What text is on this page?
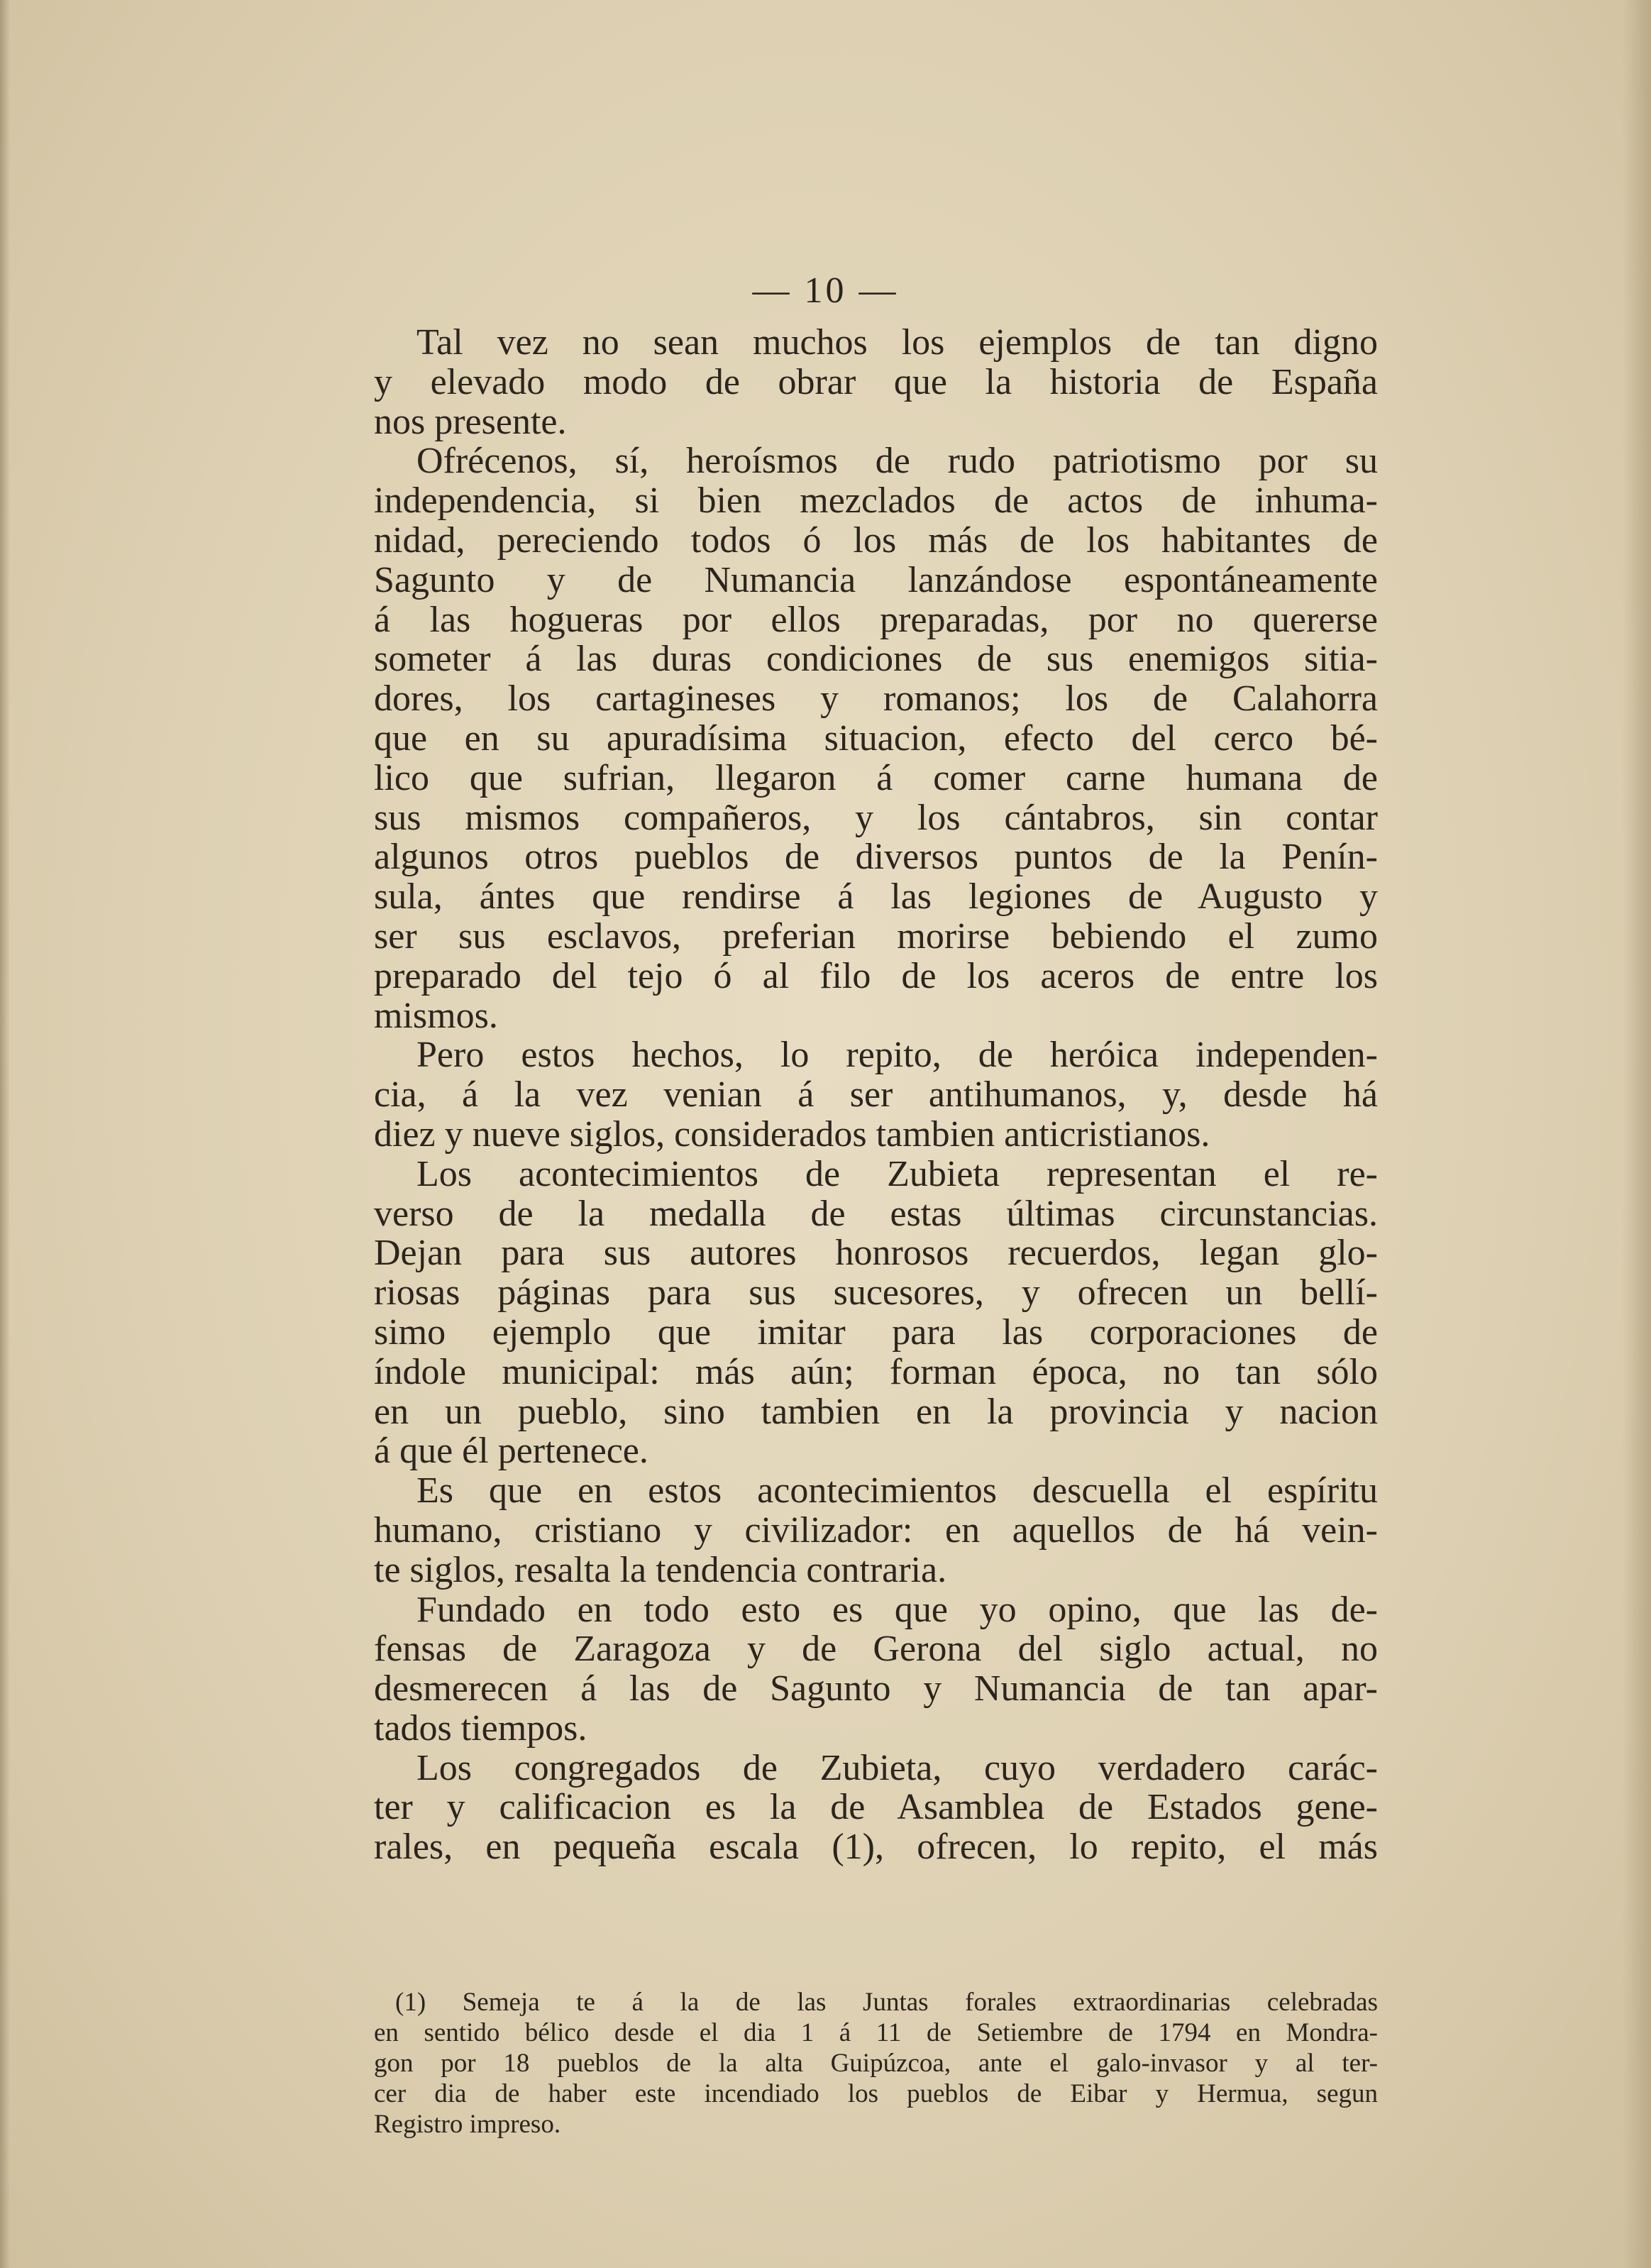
— 10 —
Tal vez no sean muchos los ejemplos de tan digno
y elevado modo de obrar que la historia de España
nos presente.
Ofrécenos, sí, heroísmos de rudo patriotismo por su
independencia, si bien mezclados de actos de inhuma-
nidad, pereciendo todos ó los más de los habitantes de
Sagunto y de Numancia lanzándose espontáneamente
á las hogueras por ellos preparadas, por no quererse
someter á las duras condiciones de sus enemigos sitia-
dores, los cartagineses y romanos; los de Calahorra
que en su apuradísima situacion, efecto del cerco bé-
lico que sufrian, llegaron á comer carne humana de
sus mismos compañeros, y los cántabros, sin contar
algunos otros pueblos de diversos puntos de la Penín-
sula, ántes que rendirse á las legiones de Augusto y
ser sus esclavos, preferian morirse bebiendo el zumo
preparado del tejo ó al filo de los aceros de entre los
mismos.
Pero estos hechos, lo repito, de heróica independen-
cia, á la vez venian á ser antihumanos, y, desde há
diez y nueve siglos, considerados tambien anticristianos.
Los acontecimientos de Zubieta representan el re-
verso de la medalla de estas últimas circunstancias.
Dejan para sus autores honrosos recuerdos, legan glo-
riosas páginas para sus sucesores, y ofrecen un bellí-
simo ejemplo que imitar para las corporaciones de
índole municipal: más aún; forman época, no tan sólo
en un pueblo, sino tambien en la provincia y nacion
á que él pertenece.
Es que en estos acontecimientos descuella el espíritu
humano, cristiano y civilizador: en aquellos de há vein-
te siglos, resalta la tendencia contraria.
Fundado en todo esto es que yo opino, que las de-
fensas de Zaragoza y de Gerona del siglo actual, no
desmerecen á las de Sagunto y Numancia de tan apar-
tados tiempos.
Los congregados de Zubieta, cuyo verdadero carác-
ter y calificacion es la de Asamblea de Estados gene-
rales, en pequeña escala (1), ofrecen, lo repito, el más
(1) Semeja te á la de las Juntas forales extraordinarias celebradas
en sentido bélico desde el dia 1 á 11 de Setiembre de 1794 en Mondra-
gon por 18 pueblos de la alta Guipúzcoa, ante el galo-invasor y al ter-
cer dia de haber este incendiado los pueblos de Eibar y Hermua, segun
Registro impreso.
